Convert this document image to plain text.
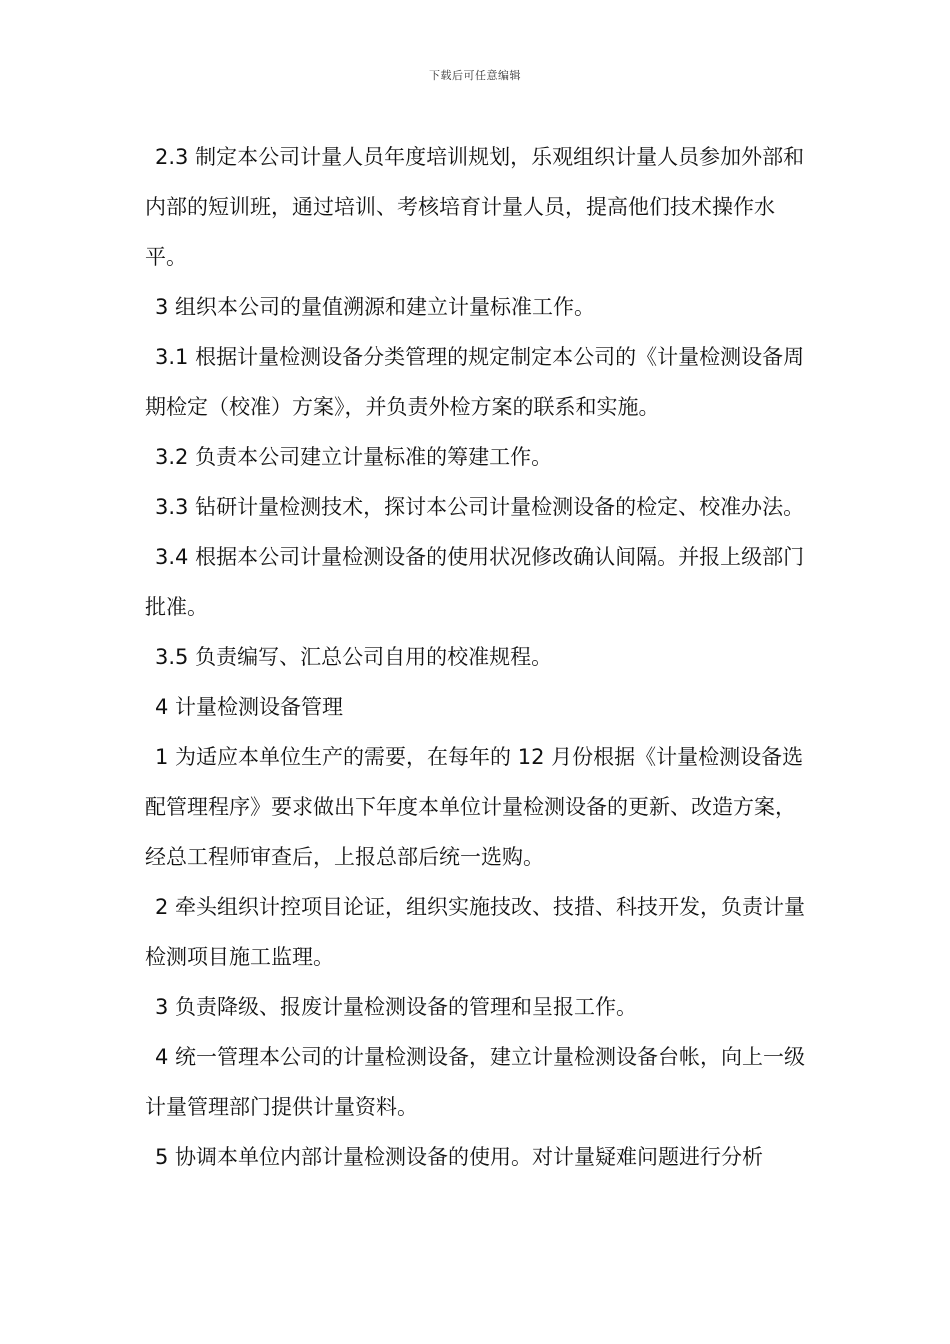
下载后可任意编辑

2.3 制定本公司计量人员年度培训规划，乐观组织计量人员参加外部和内部的短训班，通过培训、考核培育计量人员，提高他们技术操作水平。

3 组织本公司的量值溯源和建立计量标准工作。

3.1 根据计量检测设备分类管理的规定制定本公司的《计量检测设备周期检定（校准）方案》，并负责外检方案的联系和实施。

3.2 负责本公司建立计量标准的筹建工作。

3.3 钻研计量检测技术，探讨本公司计量检测设备的检定、校准办法。

3.4 根据本公司计量检测设备的使用状况修改确认间隔。并报上级部门批准。

3.5 负责编写、汇总公司自用的校准规程。

4 计量检测设备管理

1 为适应本单位生产的需要，在每年的 12 月份根据《计量检测设备选配管理程序》要求做出下年度本单位计量检测设备的更新、改造方案，经总工程师审查后，上报总部后统一选购。

2 牵头组织计控项目论证，组织实施技改、技措、科技开发，负责计量检测项目施工监理。

3 负责降级、报废计量检测设备的管理和呈报工作。

4 统一管理本公司的计量检测设备，建立计量检测设备台帐，向上一级计量管理部门提供计量资料。

5 协调本单位内部计量检测设备的使用。对计量疑难问题进行分析
